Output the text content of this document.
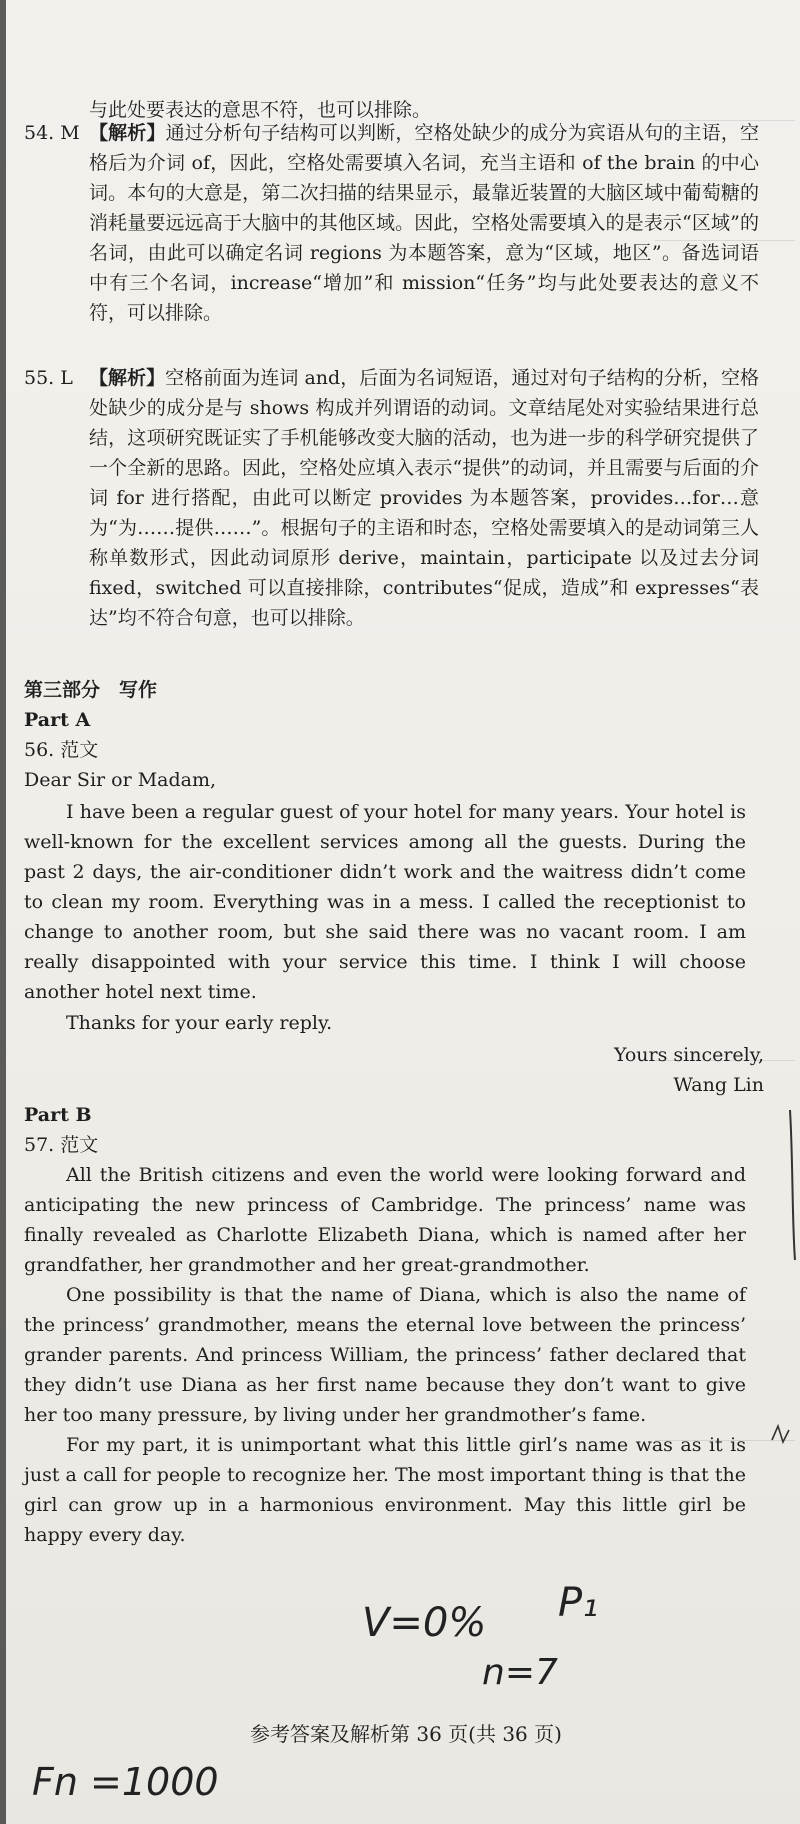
与此处要表达的意思不符，也可以排除。
54. M 【解析】通过分析句子结构可以判断，空格处缺少的成分为宾语从句的主语，空格后为介词 of，因此，空格处需要填入名词，充当主语和 of the brain 的中心词。本句的大意是，第二次扫描的结果显示，最靠近装置的大脑区域中葡萄糖的消耗量要远远高于大脑中的其他区域。因此，空格处需要填入的是表示“区域”的名词，由此可以确定名词 regions 为本题答案，意为“区域，地区”。备选词语中有三个名词，increase“增加”和 mission“任务”均与此处要表达的意义不符，可以排除。
55. L 【解析】空格前面为连词 and，后面为名词短语，通过对句子结构的分析，空格处缺少的成分是与 shows 构成并列谓语的动词。文章结尾处对实验结果进行总结，这项研究既证实了手机能够改变大脑的活动，也为进一步的科学研究提供了一个全新的思路。因此，空格处应填入表示“提供”的动词，并且需要与后面的介词 for 进行搭配，由此可以断定 provides 为本题答案，provides…for…意为“为……提供……”。根据句子的主语和时态，空格处需要填入的是动词第三人称单数形式，因此动词原形 derive，maintain，participate 以及过去分词 fixed，switched 可以直接排除，contributes“促成，造成”和 expresses“表达”均不符合句意，也可以排除。
第三部分　写作
Part A
56. 范文
Dear Sir or Madam,
I have been a regular guest of your hotel for many years. Your hotel is well-known for the excellent services among all the guests. During the past 2 days, the air-conditioner didn’t work and the waitress didn’t come to clean my room. Everything was in a mess. I called the receptionist to change to another room, but she said there was no vacant room. I am really disappointed with your service this time. I think I will choose another hotel next time.
Thanks for your early reply.
Yours sincerely,
Wang Lin
Part B
57. 范文
All the British citizens and even the world were looking forward and anticipating the new princess of Cambridge. The princess’ name was finally revealed as Charlotte Elizabeth Diana, which is named after her grandfather, her grandmother and her great-grandmother.
One possibility is that the name of Diana, which is also the name of the princess’ grandmother, means the eternal love between the princess’ grander parents. And princess William, the princess’ father declared that they didn’t use Diana as her first name because they don’t want to give her too many pressure, by living under her grandmother’s fame.
For my part, it is unimportant what this little girl’s name was as it is just a call for people to recognize her. The most important thing is that the girl can grow up in a harmonious environment. May this little girl be happy every day.
参考答案及解析第 36 页(共 36 页)
V=0% P₁
n=7
Fn =1000
